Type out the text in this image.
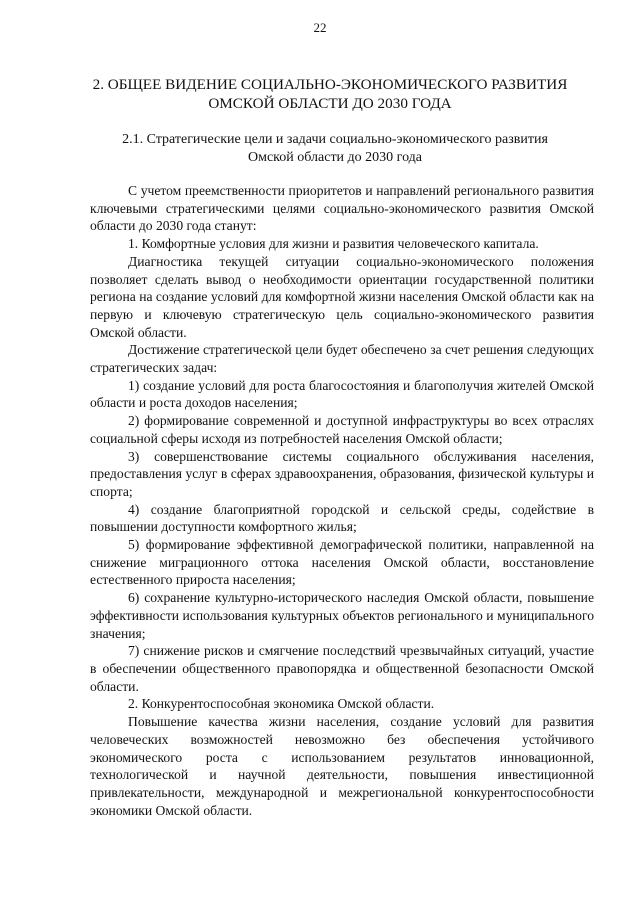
22
2. ОБЩЕЕ ВИДЕНИЕ СОЦИАЛЬНО-ЭКОНОМИЧЕСКОГО РАЗВИТИЯ ОМСКОЙ ОБЛАСТИ ДО 2030 ГОДА
2.1. Стратегические цели и задачи социально-экономического развития Омской области до 2030 года

С учетом преемственности приоритетов и направлений регионального развития ключевыми стратегическими целями социально-экономического развития Омской области до 2030 года станут:

1. Комфортные условия для жизни и развития человеческого капитала.

Диагностика текущей ситуации социально-экономического положения позволяет сделать вывод о необходимости ориентации государственной политики региона на создание условий для комфортной жизни населения Омской области как на первую и ключевую стратегическую цель социально-экономического развития Омской области.

Достижение стратегической цели будет обеспечено за счет решения следующих стратегических задач:

1) создание условий для роста благосостояния и благополучия жителей Омской области и роста доходов населения;

2) формирование современной и доступной инфраструктуры во всех отраслях социальной сферы исходя из потребностей населения Омской области;

3) совершенствование системы социального обслуживания населения, предоставления услуг в сферах здравоохранения, образования, физической культуры и спорта;

4) создание благоприятной городской и сельской среды, содействие в повышении доступности комфортного жилья;

5) формирование эффективной демографической политики, направленной на снижение миграционного оттока населения Омской области, восстановление естественного прироста населения;

6) сохранение культурно-исторического наследия Омской области, повышение эффективности использования культурных объектов регионального и муниципального значения;

7) снижение рисков и смягчение последствий чрезвычайных ситуаций, участие в обеспечении общественного правопорядка и общественной безопасности Омской области.

2. Конкурентоспособная экономика Омской области.

Повышение качества жизни населения, создание условий для развития человеческих возможностей невозможно без обеспечения устойчивого экономического роста с использованием результатов инновационной, технологической и научной деятельности, повышения инвестиционной привлекательности, международной и межрегиональной конкурентоспособности экономики Омской области.
